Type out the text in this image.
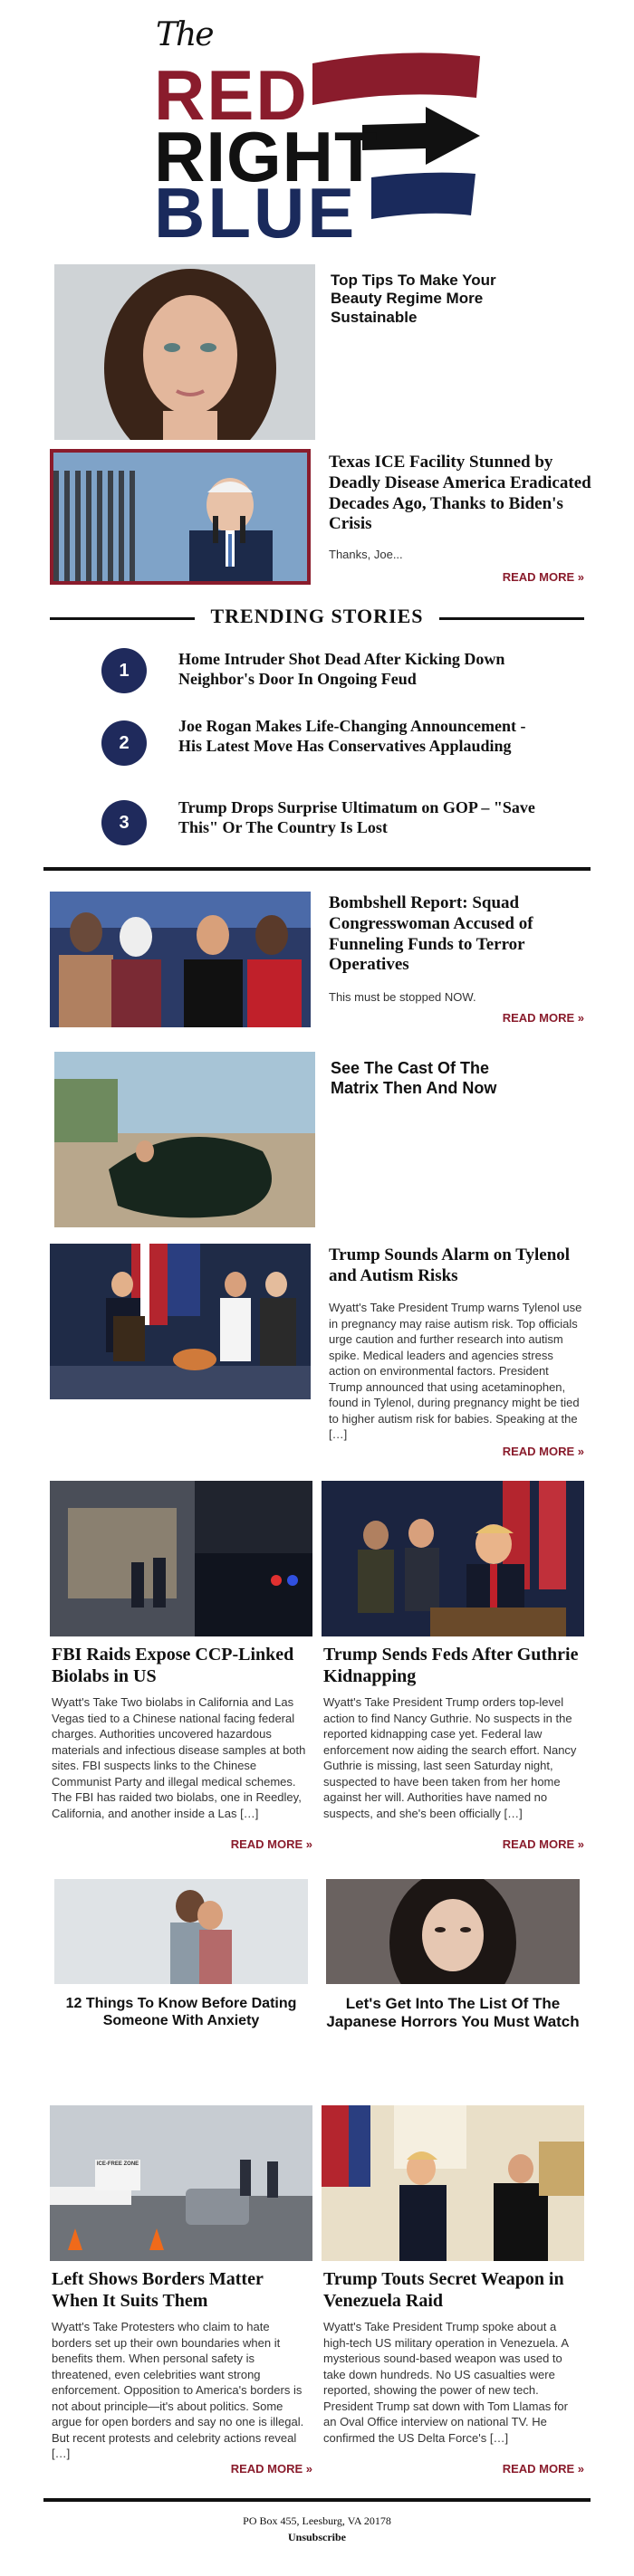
The
RED
RIGHT
BLUE
Top Tips To Make Your Beauty Regime More Sustainable
Texas ICE Facility Stunned by Deadly Disease America Eradicated Decades Ago, Thanks to Biden's Crisis
Thanks, Joe...
READ MORE »
TRENDING STORIES
1
Home Intruder Shot Dead After Kicking Down Neighbor's Door In Ongoing Feud
2
Joe Rogan Makes Life-Changing Announcement - His Latest Move Has Conservatives Applauding
3
Trump Drops Surprise Ultimatum on GOP – "Save This" Or The Country Is Lost
Bombshell Report: Squad Congresswoman Accused of Funneling Funds to Terror Operatives
This must be stopped NOW.
READ MORE »
See The Cast Of The Matrix Then And Now
Trump Sounds Alarm on Tylenol and Autism Risks
Wyatt's Take President Trump warns Tylenol use in pregnancy may raise autism risk. Top officials urge caution and further research into autism spike. Medical leaders and agencies stress action on environmental factors. President Trump announced that using acetaminophen, found in Tylenol, during pregnancy might be tied to higher autism risk for babies. Speaking at the […]
READ MORE »
FBI Raids Expose CCP-Linked Biolabs in US
Wyatt's Take Two biolabs in California and Las Vegas tied to a Chinese national facing federal charges. Authorities uncovered hazardous materials and infectious disease samples at both sites. FBI suspects links to the Chinese Communist Party and illegal medical schemes. The FBI has raided two biolabs, one in Reedley, California, and another inside a Las […]
READ MORE »
Trump Sends Feds After Guthrie Kidnapping
Wyatt's Take President Trump orders top-level action to find Nancy Guthrie. No suspects in the reported kidnapping case yet. Federal law enforcement now aiding the search effort. Nancy Guthrie is missing, last seen Saturday night, suspected to have been taken from her home against her will. Authorities have named no suspects, and she's been officially […]
READ MORE »
12 Things To Know Before Dating Someone With Anxiety
Let's Get Into The List Of The Japanese Horrors You Must Watch
ICE-FREE ZONE
Left Shows Borders Matter When It Suits Them
Wyatt's Take Protesters who claim to hate borders set up their own boundaries when it benefits them. When personal safety is threatened, even celebrities want strong enforcement. Opposition to America's borders is not about principle—it's about politics. Some argue for open borders and say no one is illegal. But recent protests and celebrity actions reveal […]
READ MORE »
Trump Touts Secret Weapon in Venezuela Raid
Wyatt's Take President Trump spoke about a high-tech US military operation in Venezuela. A mysterious sound-based weapon was used to take down hundreds. No US casualties were reported, showing the power of new tech. President Trump sat down with Tom Llamas for an Oval Office interview on national TV. He confirmed the US Delta Force's […]
READ MORE »
PO Box 455, Leesburg, VA 20178
Unsubscribe
